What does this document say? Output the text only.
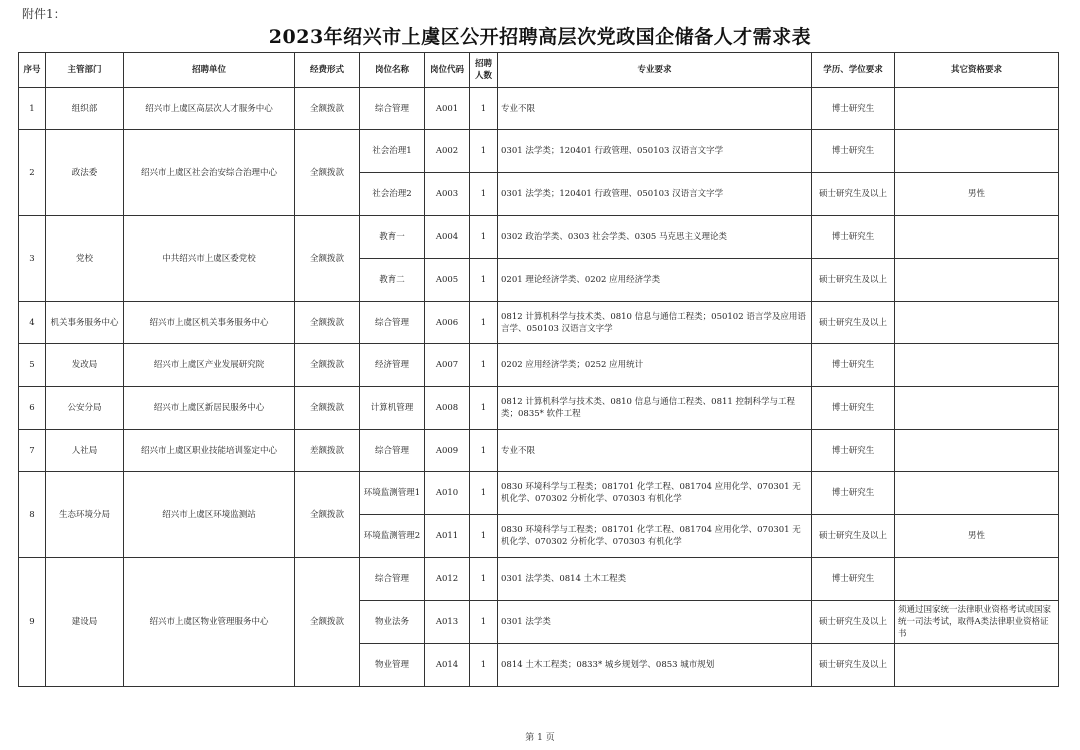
附件1：
2023年绍兴市上虞区公开招聘高层次党政国企储备人才需求表
序号	主管部门	招聘单位	经费形式	岗位名称	岗位代码	招聘人数	专业要求	学历、学位要求	其它资格要求
1	组织部	绍兴市上虞区高层次人才服务中心	全额拨款	综合管理	A001	1	专业不限	博士研究生	
2	政法委	绍兴市上虞区社会治安综合治理中心	全额拨款	社会治理1	A002	1	0301 法学类；120401 行政管理、050103 汉语言文字学	博士研究生	
				社会治理2	A003	1	0301 法学类；120401 行政管理、050103 汉语言文字学	硕士研究生及以上	男性
3	党校	中共绍兴市上虞区委党校	全额拨款	教育一	A004	1	0302 政治学类、0303 社会学类、0305 马克思主义理论类	博士研究生	
				教育二	A005	1	0201 理论经济学类、0202 应用经济学类	硕士研究生及以上	
4	机关事务服务中心	绍兴市上虞区机关事务服务中心	全额拨款	综合管理	A006	1	0812 计算机科学与技术类、0810 信息与通信工程类；050102 语言学及应用语言学、050103 汉语言文字学	硕士研究生及以上	
5	发改局	绍兴市上虞区产业发展研究院	全额拨款	经济管理	A007	1	0202 应用经济学类；0252 应用统计	博士研究生	
6	公安分局	绍兴市上虞区新居民服务中心	全额拨款	计算机管理	A008	1	0812 计算机科学与技术类、0810 信息与通信工程类、0811 控制科学与工程类；0835* 软件工程	博士研究生	
7	人社局	绍兴市上虞区职业技能培训鉴定中心	差额拨款	综合管理	A009	1	专业不限	博士研究生	
8	生态环境分局	绍兴市上虞区环境监测站	全额拨款	环境监测管理1	A010	1	0830 环境科学与工程类；081701 化学工程、081704 应用化学、070301 无机化学、070302 分析化学、070303 有机化学	博士研究生	
				环境监测管理2	A011	1	0830 环境科学与工程类；081701 化学工程、081704 应用化学、070301 无机化学、070302 分析化学、070303 有机化学	硕士研究生及以上	男性
9	建设局	绍兴市上虞区物业管理服务中心	全额拨款	综合管理	A012	1	0301 法学类、0814 土木工程类	博士研究生	
				物业法务	A013	1	0301 法学类	硕士研究生及以上	须通过国家统一法律职业资格考试或国家统一司法考试，取得A类法律职业资格证书
				物业管理	A014	1	0814 土木工程类；0833* 城乡规划学、0853 城市规划	硕士研究生及以上	
第 1 页
